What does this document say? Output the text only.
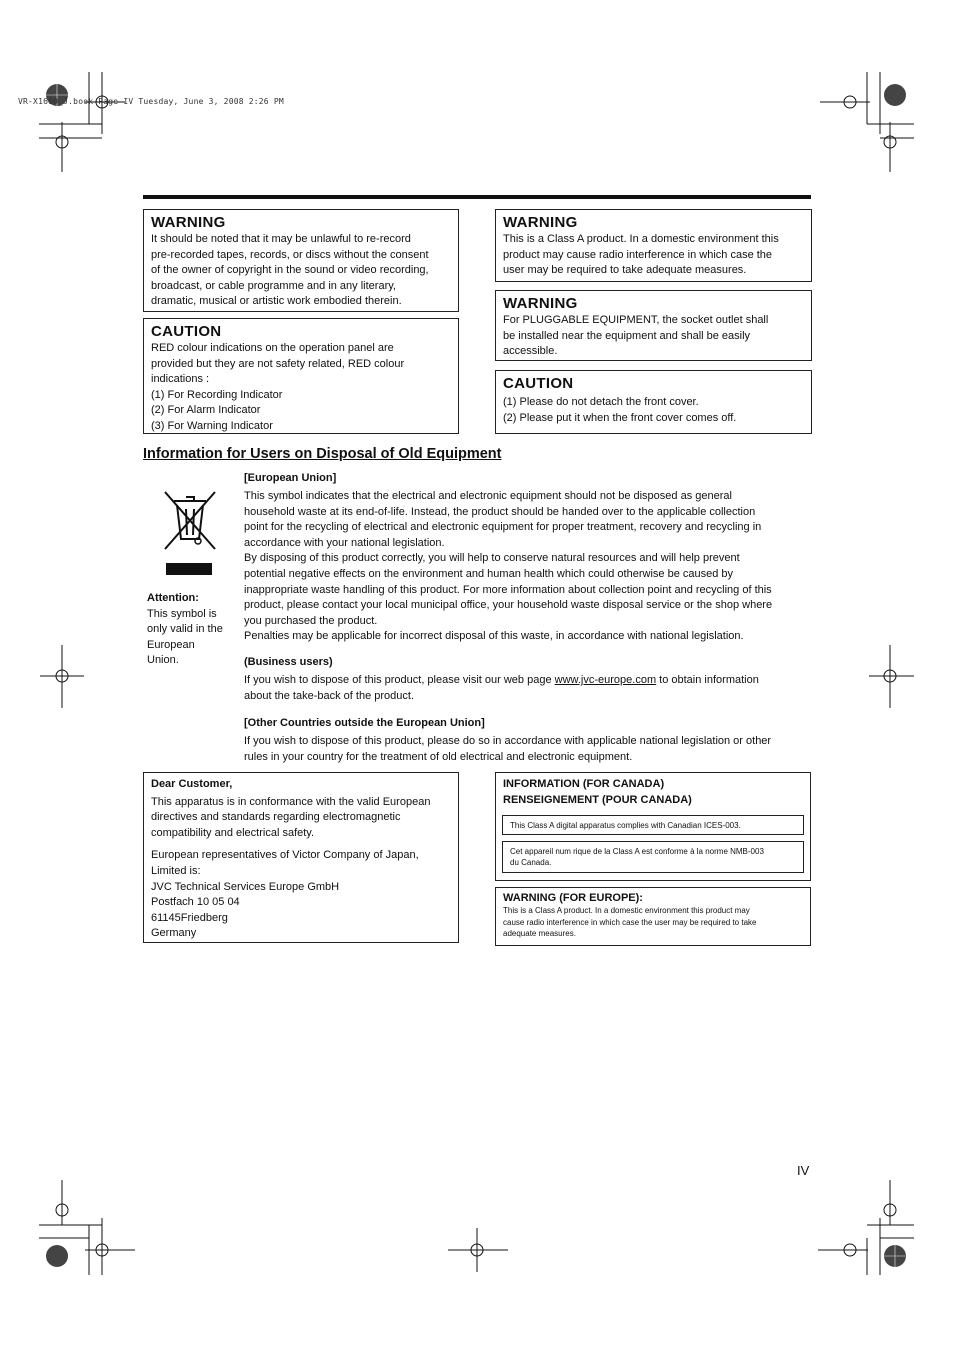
VR-X1600_J.book Page IV Tuesday, June 3, 2008 2:26 PM
WARNING
It should be noted that it may be unlawful to re-record
pre-recorded tapes, records, or discs without the consent
of the owner of copyright in the sound or video recording,
broadcast, or cable programme and in any literary,
dramatic, musical or artistic work embodied therein.
CAUTION
RED colour indications on the operation panel are
provided but they are not safety related, RED colour
indications :
(1) For Recording Indicator
(2) For Alarm Indicator
(3) For Warning Indicator
WARNING
This is a Class A product. In a domestic environment this
product may cause radio interference in which case the
user may be required to take adequate measures.
WARNING
For PLUGGABLE EQUIPMENT, the socket outlet shall
be installed near the equipment and shall be easily
accessible.
CAUTION
(1) Please do not detach the front cover.
(2) Please put it when the front cover comes off.
Information for Users on Disposal of Old Equipment
Attention:
This symbol is
only valid in the
European
Union.
[European Union]
This symbol indicates that the electrical and electronic equipment should not be disposed as general
household waste at its end-of-life. Instead, the product should be handed over to the applicable collection
point for the recycling of electrical and electronic equipment for proper treatment, recovery and recycling in
accordance with your national legislation.
By disposing of this product correctly, you will help to conserve natural resources and will help prevent
potential negative effects on the environment and human health which could otherwise be caused by
inappropriate waste handling of this product. For more information about collection point and recycling of this
product, please contact your local municipal office, your household waste disposal service or the shop where
you purchased the product.
Penalties may be applicable for incorrect disposal of this waste, in accordance with national legislation.
(Business users)
If you wish to dispose of this product, please visit our web page www.jvc-europe.com to obtain information
about the take-back of the product.
[Other Countries outside the European Union]
If you wish to dispose of this product, please do so in accordance with applicable national legislation or other
rules in your country for the treatment of old electrical and electronic equipment.
Dear Customer,
This apparatus is in conformance with the valid European
directives and standards regarding electromagnetic
compatibility and electrical safety.
European representatives of Victor Company of Japan,
Limited is:
JVC Technical Services Europe GmbH
Postfach 10 05 04
61145Friedberg
Germany
INFORMATION (FOR CANADA)
RENSEIGNEMENT (POUR CANADA)
This Class A digital apparatus complies with Canadian ICES-003.
Cet appareil num rique de la Class A est conforme à la norme NMB-003
du Canada.
WARNING (FOR EUROPE):
This is a Class A product. In a domestic environment this product may
cause radio interference in which case the user may be required to take
adequate measures.
IV
